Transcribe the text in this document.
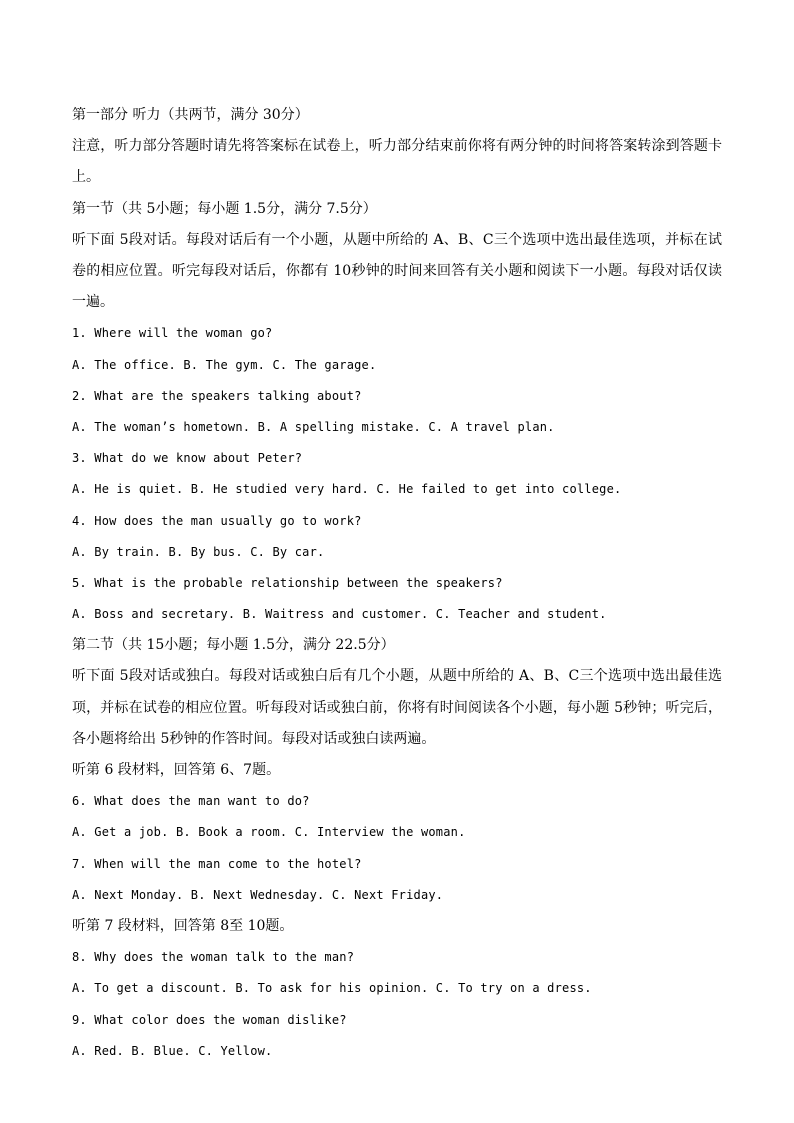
第一部分 听力（共两节，满分 30分）

注意，听力部分答题时请先将答案标在试卷上，听力部分结束前你将有两分钟的时间将答案转涂到答题卡上。

第一节（共 5小题；每小题 1.5分，满分 7.5分）

听下面 5段对话。每段对话后有一个小题，从题中所给的 A、B、C三个选项中选出最佳选项，并标在试卷的相应位置。听完每段对话后，你都有 10秒钟的时间来回答有关小题和阅读下一小题。每段对话仅读一遍。

1. Where will the woman go?
A. The office. B. The gym. C. The garage.
2. What are the speakers talking about?
A. The woman’s hometown. B. A spelling mistake. C. A travel plan.
3. What do we know about Peter?
A. He is quiet. B. He studied very hard. C. He failed to get into college.
4. How does the man usually go to work?
A. By train. B. By bus. C. By car.
5. What is the probable relationship between the speakers?
A. Boss and secretary. B. Waitress and customer. C. Teacher and student.
第二节（共 15小题；每小题 1.5分，满分 22.5分）

听下面 5段对话或独白。每段对话或独白后有几个小题，从题中所给的 A、B、C三个选项中选出最佳选项，并标在试卷的相应位置。听每段对话或独白前，你将有时间阅读各个小题，每小题 5秒钟；听完后，各小题将给出 5秒钟的作答时间。每段对话或独白读两遍。

听第 6 段材料，回答第 6、7题。
6. What does the man want to do?
A. Get a job. B. Book a room. C. Interview the woman.
7. When will the man come to the hotel?
A. Next Monday. B. Next Wednesday. C. Next Friday.
听第 7 段材料，回答第 8至 10题。
8. Why does the woman talk to the man?
A. To get a discount. B. To ask for his opinion. C. To try on a dress.
9. What color does the woman dislike?
A. Red. B. Blue. C. Yellow.
